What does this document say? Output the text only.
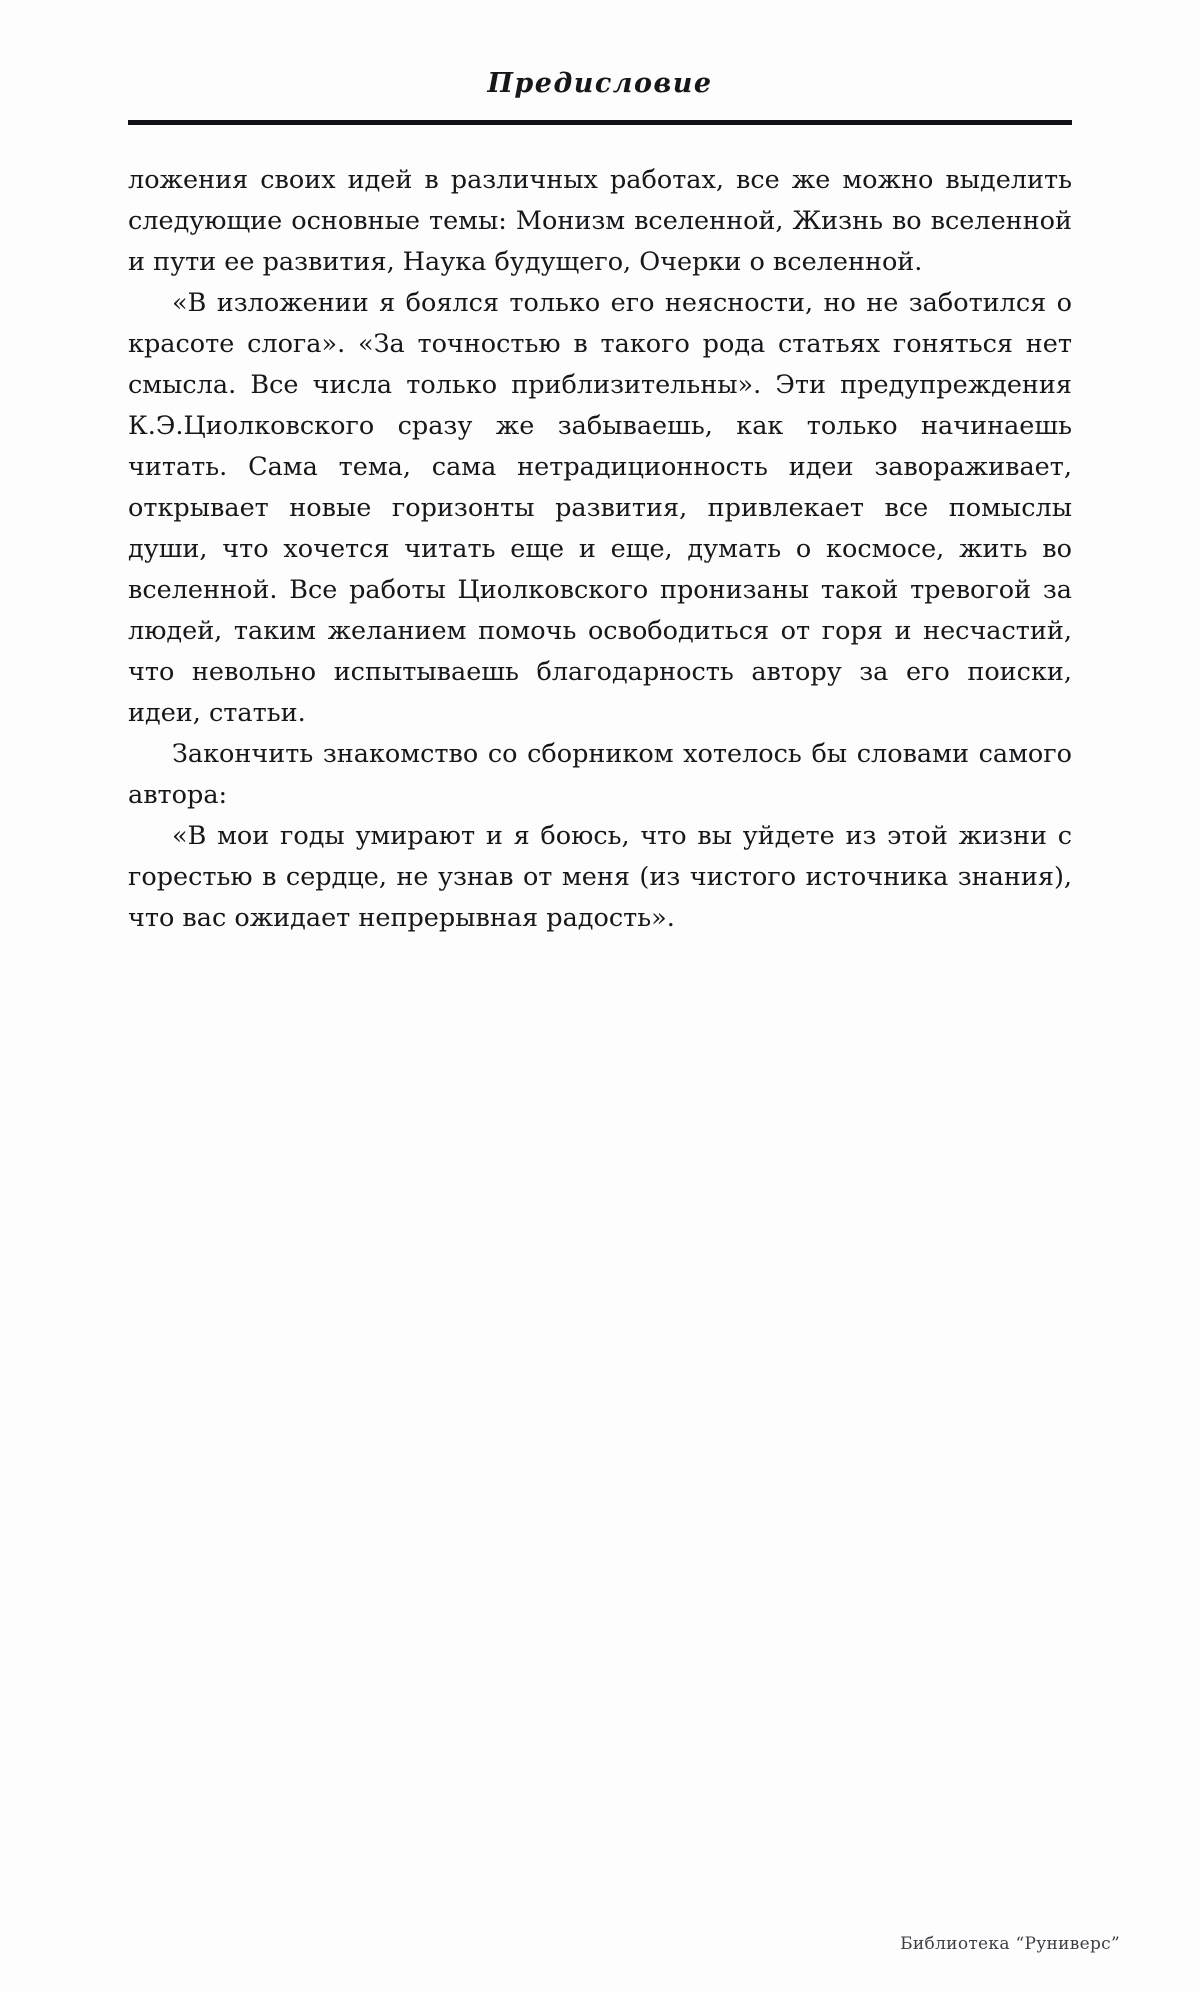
Предисловие

ложения своих идей в различных работах, все же можно выделить следующие основные темы: Монизм вселенной, Жизнь во вселенной и пути ее развития, Наука будущего, Очерки о вселенной.

«В изложении я боялся только его неясности, но не заботился о красоте слога». «За точностью в такого рода статьях гоняться нет смысла. Все числа только приблизительны». Эти предупреждения К.Э.Циолковского сразу же забываешь, как только начинаешь читать. Сама тема, сама нетрадиционность идеи завораживает, открывает новые горизонты развития, привлекает все помыслы души, что хочется читать еще и еще, думать о космосе, жить во вселенной. Все работы Циолковского пронизаны такой тревогой за людей, таким желанием помочь освободиться от горя и несчастий, что невольно испытываешь благодарность автору за его поиски, идеи, статьи.

Закончить знакомство со сборником хотелось бы словами самого автора:

«В мои годы умирают и я боюсь, что вы уйдете из этой жизни с горестью в сердце, не узнав от меня (из чистого источника знания), что вас ожидает непрерывная радость».

Библиотека “Руниверс”
